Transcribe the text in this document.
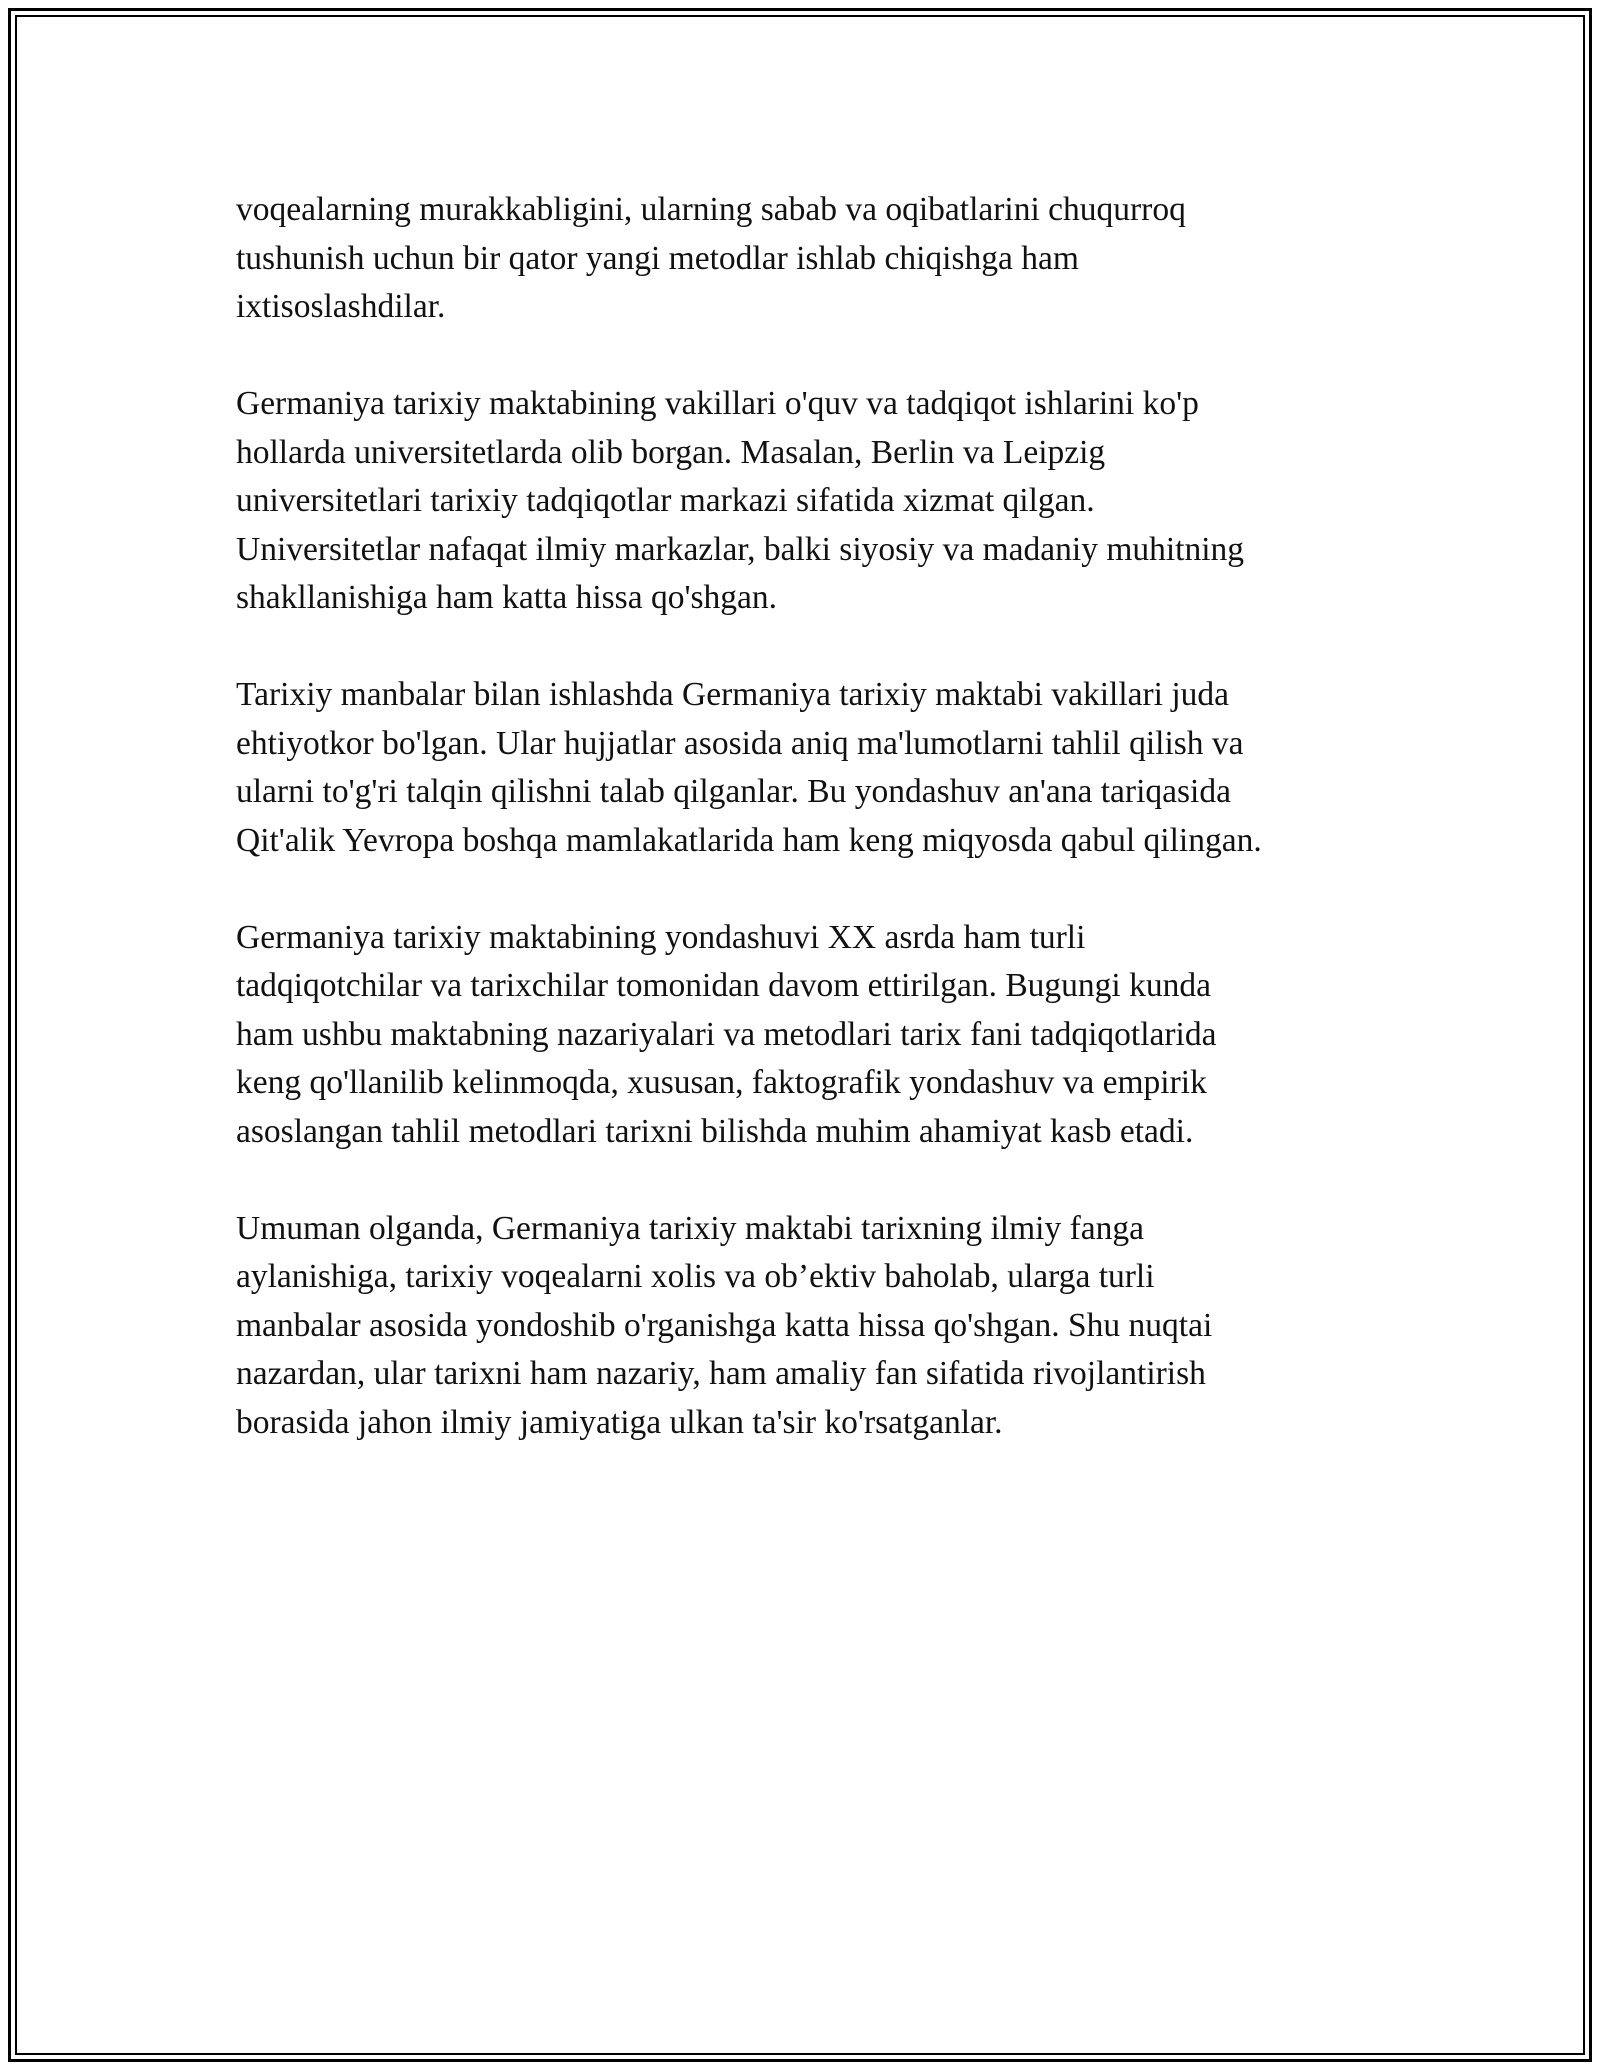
voqealarning murakkabligini, ularning sabab va oqibatlarini chuqurroq
tushunish uchun bir qator yangi metodlar ishlab chiqishga ham
ixtisoslashdilar.

Germaniya tarixiy maktabining vakillari o'quv va tadqiqot ishlarini ko'p
hollarda universitetlarda olib borgan. Masalan, Berlin va Leipzig
universitetlari tarixiy tadqiqotlar markazi sifatida xizmat qilgan.
Universitetlar nafaqat ilmiy markazlar, balki siyosiy va madaniy muhitning
shakllanishiga ham katta hissa qo'shgan.

Tarixiy manbalar bilan ishlashda Germaniya tarixiy maktabi vakillari juda
ehtiyotkor bo'lgan. Ular hujjatlar asosida aniq ma'lumotlarni tahlil qilish va
ularni to'g'ri talqin qilishni talab qilganlar. Bu yondashuv an'ana tariqasida
Qit'alik Yevropa boshqa mamlakatlarida ham keng miqyosda qabul qilingan.

Germaniya tarixiy maktabining yondashuvi XX asrda ham turli
tadqiqotchilar va tarixchilar tomonidan davom ettirilgan. Bugungi kunda
ham ushbu maktabning nazariyalari va metodlari tarix fani tadqiqotlarida
keng qo'llanilib kelinmoqda, xususan, faktografik yondashuv va empirik
asoslangan tahlil metodlari tarixni bilishda muhim ahamiyat kasb etadi.

Umuman olganda, Germaniya tarixiy maktabi tarixning ilmiy fanga
aylanishiga, tarixiy voqealarni xolis va ob’ektiv baholab, ularga turli
manbalar asosida yondoshib o'rganishga katta hissa qo'shgan. Shu nuqtai
nazardan, ular tarixni ham nazariy, ham amaliy fan sifatida rivojlantirish
borasida jahon ilmiy jamiyatiga ulkan ta'sir ko'rsatganlar.
